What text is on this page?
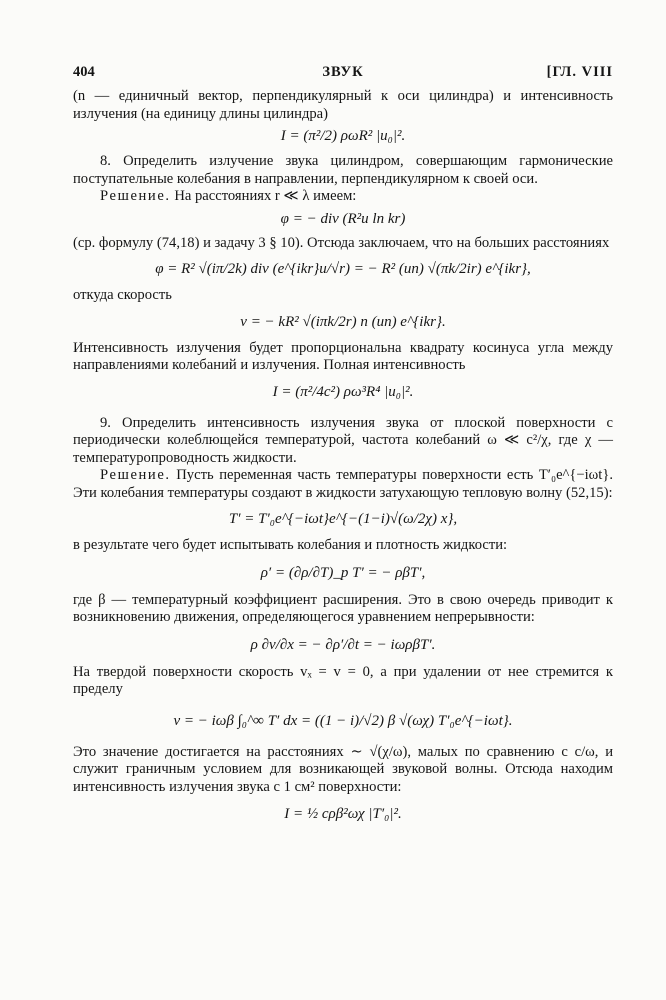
404	ЗВУК	[ГЛ. VIII

(n — единичный вектор, перпендикулярный к оси цилиндра) и интенсивность излучения (на единицу длины цилиндра)

I = (π²/2) ρωR² |u₀|².

8. Определить излучение звука цилиндром, совершающим гармонические поступательные колебания в направлении, перпендикулярном к своей оси.

Решение. На расстояниях r ≪ λ имеем:

φ = − div (R²u ln kr)

(ср. формулу (74,18) и задачу 3 § 10). Отсюда заключаем, что на больших расстояниях

φ = R² √(iπ/2k) div (e^{ikr}u/√r) = − R² (un) √(πk/2ir) e^{ikr},

откуда скорость

v = − kR² √(iπk/2r) n (un) e^{ikr}.

Интенсивность излучения будет пропорциональна квадрату косинуса угла между направлениями колебаний и излучения. Полная интенсивность

I = (π²/4c²) ρω³R⁴ |u₀|².

9. Определить интенсивность излучения звука от плоской поверхности с периодически колеблющейся температурой, частота колебаний ω ≪ c²/χ, где χ — температуропроводность жидкости.

Решение. Пусть переменная часть температуры поверхности есть T′₀e^{−iωt}. Эти колебания температуры создают в жидкости затухающую тепловую волну (52,15):

T′ = T′₀e^{−iωt}e^{−(1−i)√(ω/2χ) x},

в результате чего будет испытывать колебания и плотность жидкости:

ρ′ = (∂ρ/∂T)_p T′ = − ρβT′,

где β — температурный коэффициент расширения. Это в свою очередь приводит к возникновению движения, определяющегося уравнением непрерывности:

ρ ∂v/∂x = − ∂ρ′/∂t = − iωρβT′.

На твердой поверхности скорость vₓ = v = 0, а при удалении от нее стремится к пределу

v = − iωβ ∫₀^∞ T′ dx = ((1 − i)/√2) β √(ωχ) T′₀e^{−iωt}.

Это значение достигается на расстояниях ∼ √(χ/ω), малых по сравнению с c/ω, и служит граничным условием для возникающей звуковой волны. Отсюда находим интенсивность излучения звука с 1 см² поверхности:

I = ½ cρβ²ωχ |T′₀|².
